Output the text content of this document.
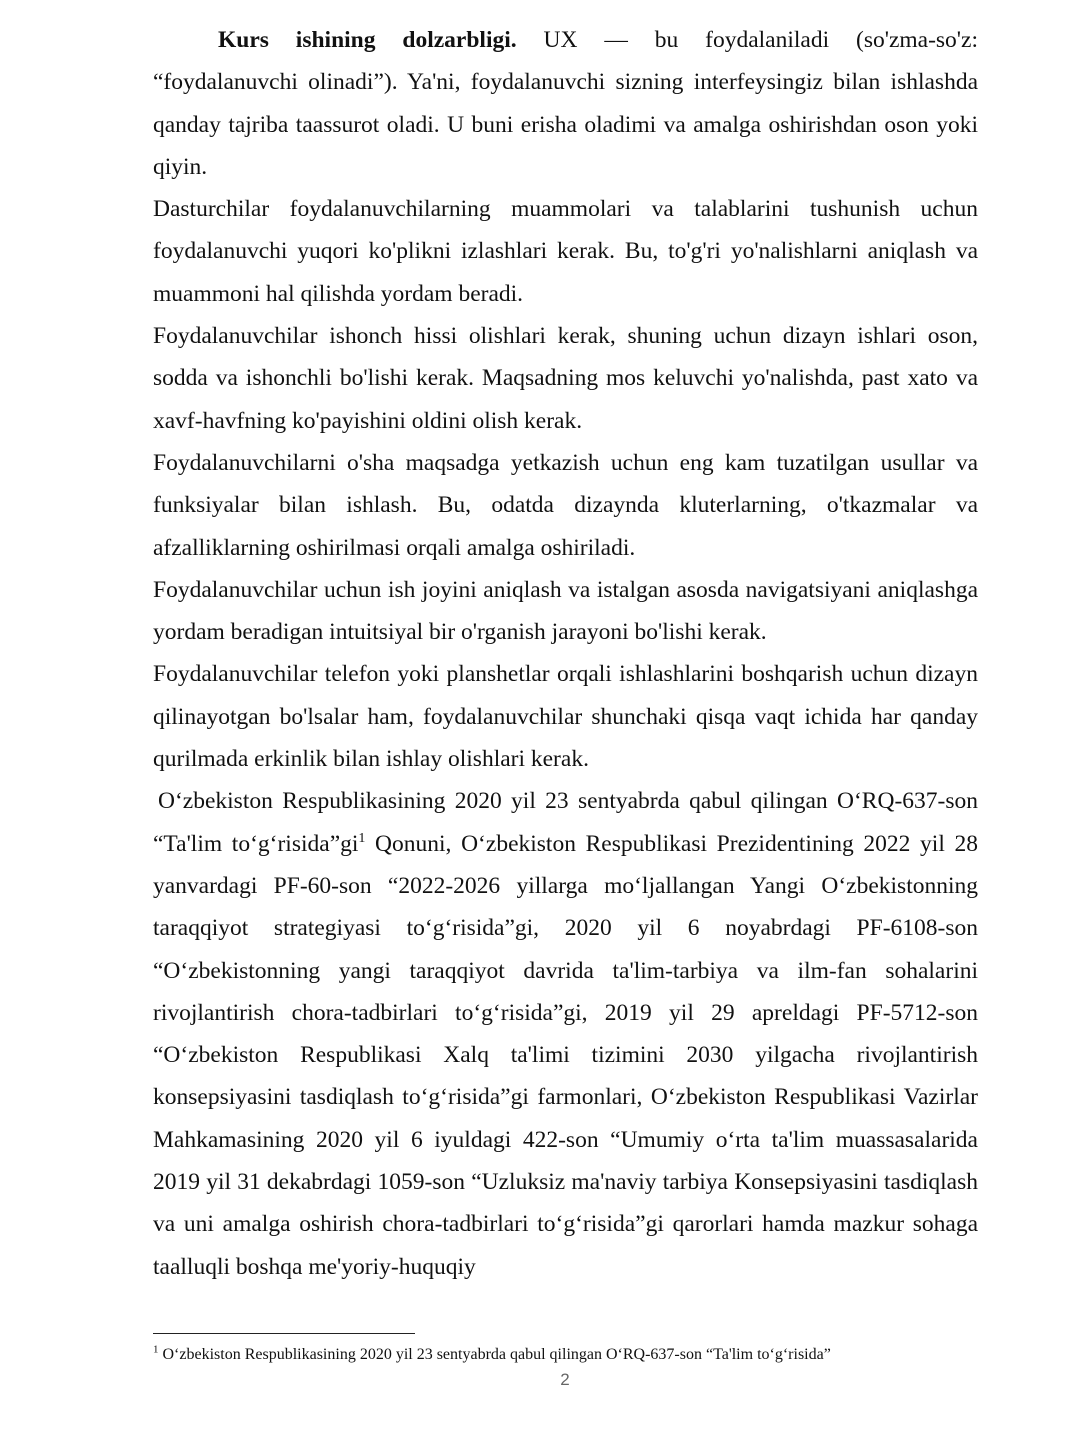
Kurs ishining dolzarbligi. UX — bu foydalaniladi (so'zma-so'z: “foydalanuvchi olinadi”). Ya'ni, foydalanuvchi sizning interfeysingiz bilan ishlashda qanday tajriba taassurot oladi. U buni erisha oladimi va amalga oshirishdan oson yoki qiyin.

Dasturchilar foydalanuvchilarning muammolari va talablarini tushunish uchun foydalanuvchi yuqori ko'plikni izlashlari kerak. Bu, to'g'ri yo'nalishlarni aniqlash va muammoni hal qilishda yordam beradi.

Foydalanuvchilar ishonch hissi olishlari kerak, shuning uchun dizayn ishlari oson, sodda va ishonchli bo'lishi kerak. Maqsadning mos keluvchi yo'nalishda, past xato va xavf-havfning ko'payishini oldini olish kerak.

Foydalanuvchilarni o'sha maqsadga yetkazish uchun eng kam tuzatilgan usullar va funksiyalar bilan ishlash. Bu, odatda dizaynda kluterlarning, o'tkazmalar va afzalliklarning oshirilmasi orqali amalga oshiriladi.

Foydalanuvchilar uchun ish joyini aniqlash va istalgan asosda navigatsiyani aniqlashga yordam beradigan intuitsiyal bir o'rganish jarayoni bo'lishi kerak.

Foydalanuvchilar telefon yoki planshetlar orqali ishlashlarini boshqarish uchun dizayn qilinayotgan bo'lsalar ham, foydalanuvchilar shunchaki qisqa vaqt ichida har qanday qurilmada erkinlik bilan ishlay olishlari kerak.

Oʻzbekiston Respublikasining 2020 yil 23 sentyabrda qabul qilingan OʻRQ-637-son “Ta'lim toʻgʻrisida”gi$^1$ Qonuni, Oʻzbekiston Respublikasi Prezidentining 2022 yil 28 yanvardagi PF-60-son “2022-2026 yillarga moʻljallangan Yangi Oʻzbekistonning taraqqiyot strategiyasi toʻgʻrisida”gi, 2020 yil 6 noyabrdagi PF-6108-son “Oʻzbekistonning yangi taraqqiyot davrida ta'lim-tarbiya va ilm-fan sohalarini rivojlantirish chora-tadbirlari toʻgʻrisida”gi, 2019 yil 29 apreldagi PF-5712-son “Oʻzbekiston Respublikasi Xalq ta'limi tizimini 2030 yilgacha rivojlantirish konsepsiyasini tasdiqlash toʻgʻrisida”gi farmonlari, Oʻzbekiston Respublikasi Vazirlar Mahkamasining 2020 yil 6 iyuldagi 422-son “Umumiy oʻrta ta'lim muassasalarida 2019 yil 31 dekabrdagi 1059-son “Uzluksiz ma'naviy tarbiya Konsepsiyasini tasdiqlash va uni amalga oshirish chora-tadbirlari toʻgʻrisida”gi qarorlari hamda mazkur sohaga taalluqli boshqa me'yoriy-huquqiy

$^1$ Oʻzbekiston Respublikasining 2020 yil 23 sentyabrda qabul qilingan OʻRQ-637-son “Ta'lim toʻgʻrisida”
2
